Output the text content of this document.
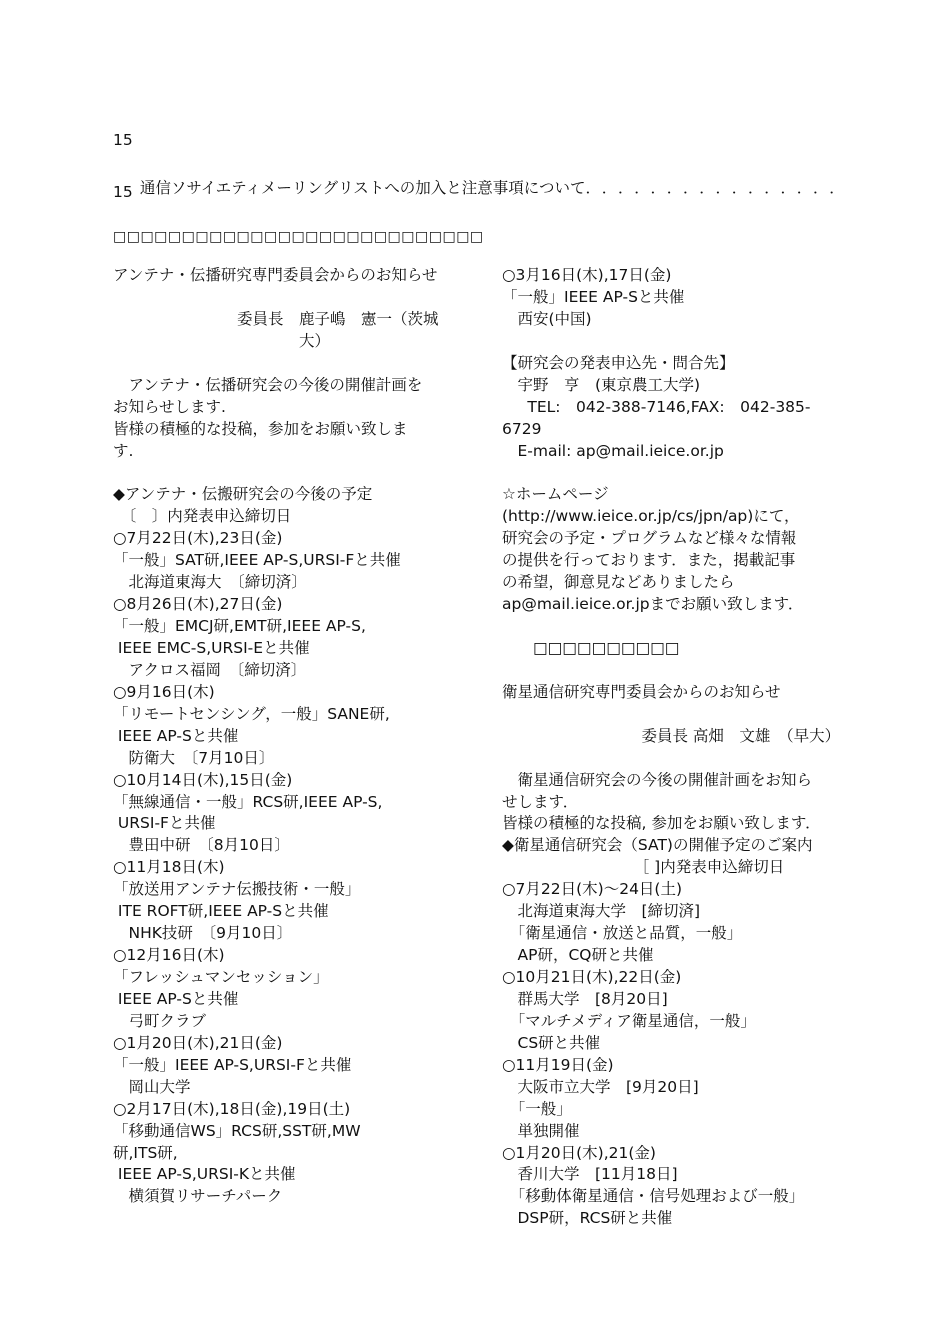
15

通信ソサイエティメーリングリストへの加入と注意事項について．．．．．．．．．．．．．．．．

15
□□□□□□□□□□□□□□□□□□□□□□□□□□□
アンテナ・伝播研究専門委員会からのお知らせ
　　　　　　　　委員長　鹿子嶋　憲一（茨城
　　　　　　　　　　　　大）
　アンテナ・伝播研究会の今後の開催計画を
お知らせします.
皆様の積極的な投稿，参加をお願い致しま
す.
◆アンテナ・伝搬研究会の今後の予定
　〔　〕内発表申込締切日
○7月22日(木),23日(金)
「一般」SAT研,IEEE AP-S,URSI-Fと共催
　北海道東海大　〔締切済〕
○8月26日(木),27日(金)
「一般」EMCJ研,EMT研,IEEE AP-S,
IEEE EMC-S,URSI-Eと共催
　アクロス福岡　〔締切済〕
○9月16日(木)
「リモートセンシング，一般」SANE研,
IEEE AP-Sと共催
　防衛大　〔7月10日〕
○10月14日(木),15日(金)
「無線通信・一般」RCS研,IEEE AP-S,
URSI-Fと共催
　豊田中研　〔8月10日〕
○11月18日(木)
「放送用アンテナ伝搬技術・一般」
ITE ROFT研,IEEE AP-Sと共催
　NHK技研　〔9月10日〕
○12月16日(木)
「フレッシュマンセッション」
IEEE AP-Sと共催
　弓町クラブ
○1月20日(木),21日(金)
「一般」IEEE AP-S,URSI-Fと共催
　岡山大学
○2月17日(木),18日(金),19日(土)
「移動通信WS」RCS研,SST研,MW
研,ITS研,
IEEE AP-S,URSI-Kと共催
　横須賀リサーチパーク
○3月16日(木),17日(金)
「一般」IEEE AP-Sと共催
　西安(中国)
【研究会の発表申込先・問合先】
　宇野　亨　(東京農工大学)
　  TEL:　042-388-7146,FAX:　042-385-
6729
　E-mail: ap@mail.ieice.or.jp
☆ホームページ
(http://www.ieice.or.jp/cs/jpn/ap)にて，
研究会の予定・プログラムなど様々な情報
の提供を行っております．また，掲載記事
の希望，御意見などありましたら
ap@mail.ieice.or.jpまでお願い致します．
　　□□□□□□□□□□
衛星通信研究専門委員会からのお知らせ
　　　　　　　　　委員長 高畑　文雄　（早大）
　衛星通信研究会の今後の開催計画をお知ら
せします．
皆様の積極的な投稿, 参加をお願い致します．
◆衛星通信研究会（SAT)の開催予定のご案内
　　　　　　　　　［ ]内発表申込締切日
○7月22日(木)～24日(土)
　北海道東海大学　[締切済]
　「衛星通信・放送と品質，一般」
　AP研，CQ研と共催
○10月21日(木),22日(金)
　群馬大学　[8月20日]
　「マルチメディア衛星通信，一般」
　CS研と共催
○11月19日(金)
　大阪市立大学　[9月20日]
　「一般」
　単独開催
○1月20日(木),21(金)
　香川大学　[11月18日]
　「移動体衛星通信・信号処理および一般」
　DSP研，RCS研と共催
